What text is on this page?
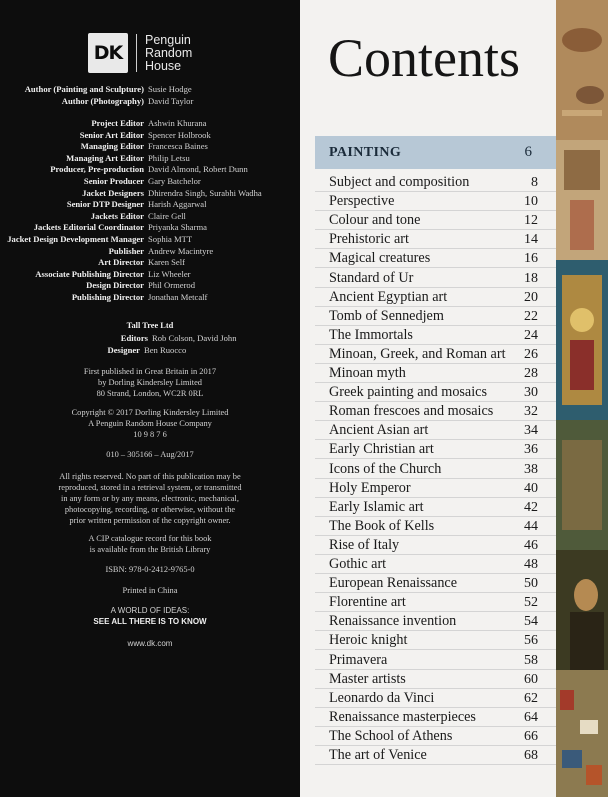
DK
Penguin
Random
House
Tall Tree Ltd
Editors Rob Colson, David John
Designer Ben Ruocco
First published in Great Britain in 2017
by Dorling Kindersley Limited
80 Strand, London, WC2R 0RL
Copyright © 2017 Dorling Kindersley Limited
A Penguin Random House Company
10 9 8 7 6
010 – 305166 – Aug/2017
All rights reserved. No part of this publication may be
reproduced, stored in a retrieval system, or transmitted
in any form or by any means, electronic, mechanical,
photocopying, recording, or otherwise, without the
prior written permission of the copyright owner.
A CIP catalogue record for this book
is available from the British Library
ISBN: 978-0-2412-9765-0
Printed in China
A WORLD OF IDEAS:
SEE ALL THERE IS TO KNOW
www.dk.com
Author (Painting and Sculpture) Susie Hodge
Author (Photography) David Taylor
Project Editor Ashwin Khurana
Senior Art Editor Spencer Holbrook
Managing Editor Francesca Baines
Managing Art Editor Philip Letsu
Producer, Pre-production David Almond, Robert Dunn
Senior Producer Gary Batchelor
Jacket Designers Dhirendra Singh, Surabhi Wadha
Senior DTP Designer Harish Aggarwal
Jackets Editor Claire Gell
Jackets Editorial Coordinator Priyanka Sharma
Jacket Design Development Manager Sophia MTT
Publisher Andrew Macintyre
Art Director Karen Self
Associate Publishing Director Liz Wheeler
Design Director Phil Ormerod
Publishing Director Jonathan Metcalf
Contents
PAINTING	6
Subject and composition	8
Perspective	10
Colour and tone	12
Prehistoric art	14
Magical creatures	16
Standard of Ur	18
Ancient Egyptian art	20
Tomb of Sennedjem	22
The Immortals	24
Minoan, Greek, and Roman art 26
Minoan myth	28
Greek painting and mosaics	30
Roman frescoes and mosaics 32
Ancient Asian art	34
Early Christian art	36
Icons of the Church	38
Holy Emperor	40
Early Islamic art	42
The Book of Kells	44
Rise of Italy	46
Gothic art	48
European Renaissance	50
Florentine art	52
Renaissance invention	54
Heroic knight	56
Primavera	58
Master artists	60
Leonardo da Vinci	62
Renaissance masterpieces	64
The School of Athens	66
The art of Venice	68
